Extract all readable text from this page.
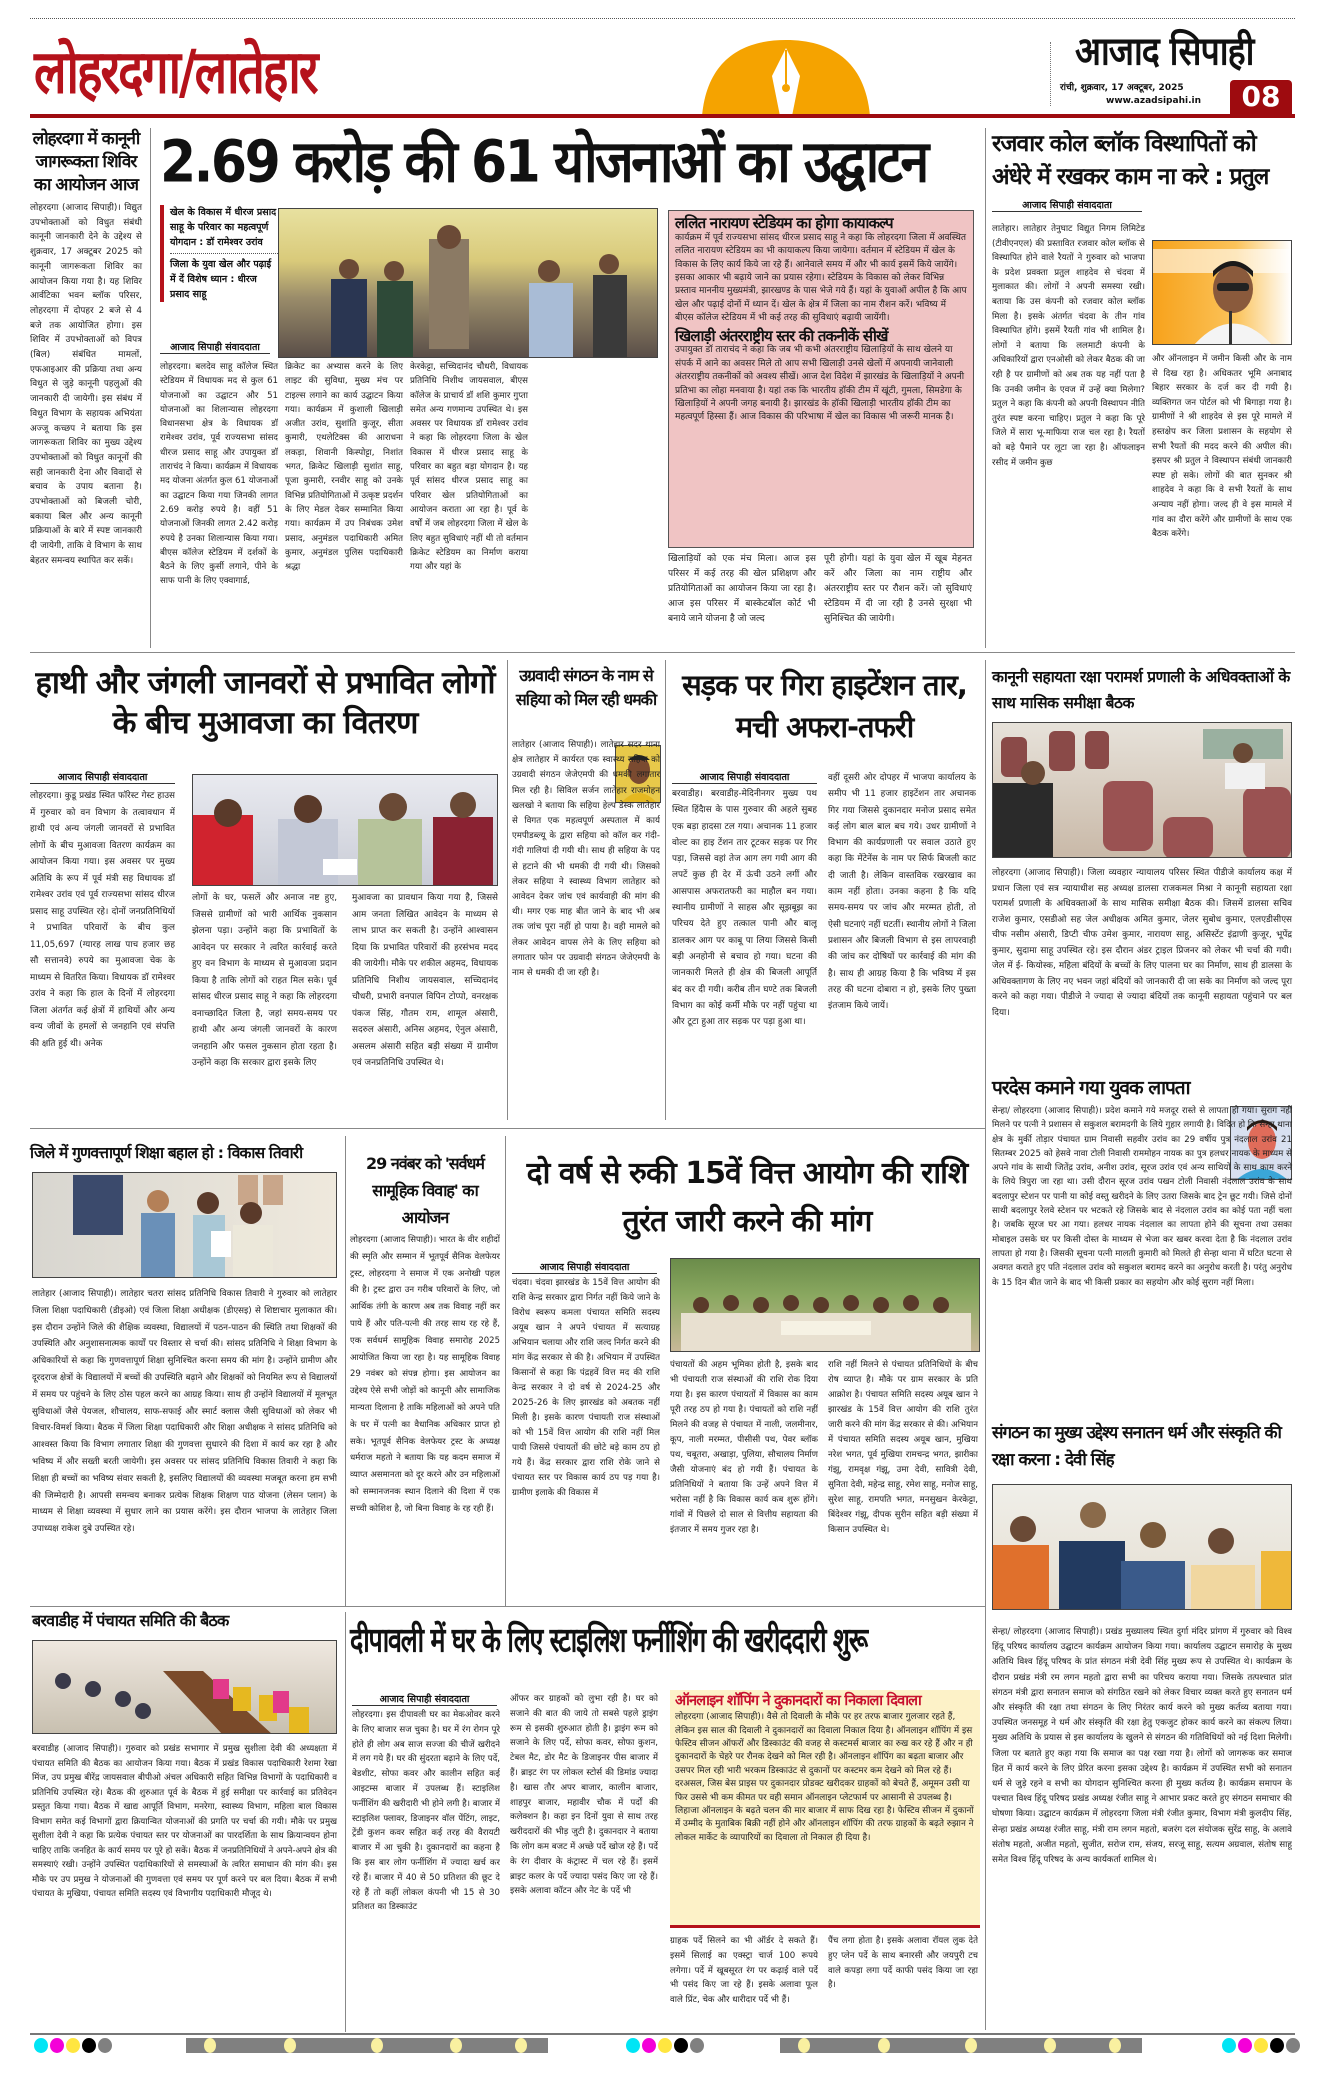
लोहरदगा/लातेहार	आजाद सिपाही
रांची, शुक्रवार, 17 अक्टूबर, 2025
www.azadsipahi.in	08
लोहरदगा में कानूनी जागरूकता शिविर का आयोजन आज
लोहरदगा (आजाद सिपाही)। विद्युत उपभोक्ताओं को विधुत संबंधी कानूनी जानकारी देने के उद्देश्य से शुक्रवार, 17 अक्टूबर 2025 को कानूनी जागरूकता शिविर का आयोजन किया गया है। यह शिविर आर्वटिका भवन ब्लॉक परिसर, लोहरदगा में दोपहर 2 बजे से 4 बजे तक आयोजित होगा। इस शिविर में उपभोक्ताओं को विपत्र (बिल) संबंधित मामलों, एफआइआर की प्रक्रिया तथा अन्य विधुत से जुड़े कानूनी पहलुओं की जानकारी दी जायेगी। इस संबंध में विधुत विभाग के सहायक अभियंता अज्जू कच्छप ने बताया कि इस जागरूकता शिविर का मुख्य उद्देश्य उपभोक्ताओं को विधुत कानूनों की सही जानकारी देना और विवादों से बचाव के उपाय बताना है। उपभोक्ताओं को बिजली चोरी, बकाया बिल और अन्य कानूनी प्रक्रियाओं के बारे में स्पष्ट जानकारी दी जायेगी, ताकि वे विभाग के साथ बेहतर समन्वय स्थापित कर सकें।
2.69 करोड़ की 61 योजनाओं का उद्घाटन
खेल के विकास में धीरज प्रसाद साहू के परिवार का महत्वपूर्ण योगदान : डॉ रामेश्वर उरांव
जिला के युवा खेल और पढ़ाई में दें विशेष ध्यान : धीरज प्रसाद साहू
आजाद सिपाही संवाददाता
लोहरदगा। बलदेव साहू कॉलेज स्थित स्टेडियम में विधायक मद से कुल 61 योजनाओं का उद्घाटन और 51 योजनाओं का शिलान्यास लोहरदगा विधानसभा क्षेत्र के विधायक डॉ रामेश्वर उरांव, पूर्व राज्यसभा सांसद धीरज प्रसाद साहू और उपायुक्त डॉ ताराचंद ने किया। कार्यक्रम में विधायक मद योजना अंतर्गत कुल 61 योजनाओं का उद्घाटन किया गया जिनकी लागत 2.69 करोड़ रुपये है। वहीं 51 योजनाओं जिनकी लागत 2.42 करोड़ रुपये है उनका शिलान्यास किया गया। बीएस कॉलेज स्टेडियम में दर्शकों के बैठने के लिए कुर्सी लगाने, पीने के साफ पानी के लिए एक्वागार्ड,
क्रिकेट का अभ्यास करने के लिए लाइट की सुविधा, मुख्य मंच पर टाइल्स लगाने का कार्य उद्घाटन किया गया। कार्यक्रम में कुशाली खिलाड़ी अजीत उरांव, सुशांति कुजूर, सीता कुमारी, एथलेटिक्स की आराधना लकड़ा, शिवानी किस्पोट्टा, निशांत भगत, क्रिकेट खिलाड़ी सुशांत साहू, पूजा कुमारी, रनवीर साहू को उनके विभिन्न प्रतियोगिताओं में उत्कृष्ट प्रदर्शन के लिए मेडल देकर सम्मानित किया गया। कार्यक्रम में उप निबंधक उमेश प्रसाद, अनुमंडल पदाधिकारी अमित कुमार, अनुमंडल पुलिस पदाधिकारी श्रद्धा
केरकेट्टा, सच्चिदानंद चौधरी, विधायक प्रतिनिधि निशीथ जायसवाल, बीएस कॉलेज के प्राचार्य डॉ शशि कुमार गुप्ता समेत अन्य गणमान्य उपस्थित थे। इस अवसर पर विधायक डॉ रामेश्वर उरांव ने कहा कि लोहरदगा जिला के खेल विकास में धीरज प्रसाद साहू के परिवार का बहुत बड़ा योगदान है। यह पूर्व सांसद धीरज प्रसाद साहू का परिवार खेल प्रतियोगिताओं का आयोजन कराता आ रहा है। पूर्व के वर्षों में जब लोहरदगा जिला में खेल के लिए बहुत सुविधाएं नहीं थी तो वर्तमान क्रिकेट स्टेडियम का निर्माण कराया गया और यहां के
खिलाड़ियों को एक मंच मिला। आज इस परिसर में कई तरह की खेल प्रशिक्षण और प्रतियोगिताओं का आयोजन किया जा रहा है। आज इस परिसर में बास्केटबॉल कोर्ट भी बनाये जाने योजना है जो जल्द
पूरी होगी। यहां के युवा खेल में खूब मेहनत करें और जिला का नाम राष्ट्रीय और अंतरराष्ट्रीय स्तर पर रौशन करें। जो सुविधाएं स्टेडियम में दी जा रही है उनसे सुरक्षा भी सुनिश्चित की जायेगी।
ललित नारायण स्टेडियम का होगा कायाकल्प
कार्यक्रम में पूर्व राज्यसभा सांसद धीरज प्रसाद साहू ने कहा कि लोहरदगा जिला में अवस्थित ललित नारायण स्टेडियम का भी कायाकल्प किया जायेगा। वर्तमान में स्टेडियम में खेल के विकास के लिए कार्य किये जा रहे हैं। आनेवाले समय में और भी कार्य इसमें किये जायेंगे। इसका आकार भी बढ़ाये जाने का प्रयास रहेगा। स्टेडियम के विकास को लेकर विभिन्न प्रस्ताव माननीय मुख्यमंत्री, झारखण्ड के पास भेजे गये हैं। यहां के युवाओं अपील है कि आप खेल और पढ़ाई दोनों में ध्यान दें। खेल के क्षेत्र में जिला का नाम रौशन करें। भविष्य में बीएस कॉलेज स्टेडियम में भी कई तरह की सुविधाएं बढ़ायी जायेंगी।
खिलाड़ी अंतरराष्ट्रीय स्तर की तकनीकें सीखें
उपायुक्त डॉ ताराचंद ने कहा कि जब भी कभी अंतरराष्ट्रीय खिलाड़ियों के साथ खेलने या संपर्क में आने का अवसर मिले तो आप सभी खिलाड़ी उनसे खेलों में अपनायी जानेवाली अंतरराष्ट्रीय तकनीकों को अवश्य सीखें। आज देश विदेश में झारखंड के खिलाड़ियों ने अपनी प्रतिभा का लोहा मनवाया है। यहां तक कि भारतीय हॉकी टीम में खूंटी, गुमला, सिमडेगा के खिलाड़ियों ने अपनी जगह बनायी है। झारखंड के हॉकी खिलाड़ी भारतीय हॉकी टीम का महत्वपूर्ण हिस्सा हैं। आज विकास की परिभाषा में खेल का विकास भी जरूरी मानक है।
रजवार कोल ब्लॉक विस्थापितों को अंधेरे में रखकर काम ना करे : प्रतुल
आजाद सिपाही संवाददाता
लातेहार। लातेहार तेनुघाट विद्युत निगम लिमिटेड (टीवीएनएल) की प्रस्तावित रजवार कोल ब्लॉक से विस्थापित होने वाले रैयतों ने गुरुवार को भाजपा के प्रदेश प्रवक्ता प्रतुल शाहदेव से चंदवा में मुलाकात की। लोगों ने अपनी समस्या रखी। बताया कि उस कंपनी को रजवार कोल ब्लॉक मिला है। इसके अंतर्गत चंदवा के तीन गांव विस्थापित होंगे। इसमें रैयती गांव भी शामिल है। लोगों ने बताया कि ललमाटी कंपनी के अधिकारियों द्वारा एनओसी को लेकर बैठक की जा रही है पर ग्रामीणों को अब तक यह नहीं पता है कि उनकी जमीन के एवज में उन्हें क्या मिलेगा? प्रतुल ने कहा कि कंपनी को अपनी विस्थापन नीति तुरंत स्पष्ट करना चाहिए। प्रतुल ने कहा कि पूरे जिले में सारा भू-माफिया राज चल रहा है। रैयतों को बड़े पैमाने पर लूटा जा रहा है। ऑफलाइन रसीद में जमीन कुछ
और ऑनलाइन में जमीन किसी और के नाम से दिख रहा है। अधिकतर भूमि अनाबाद बिहार सरकार के दर्ज कर दी गयी है। व्यक्तिगत जन पोर्टल को भी बिगाड़ा गया है। ग्रामीणों ने श्री शाहदेव से इस पूरे मामले में हस्तक्षेप कर जिला प्रशासन के सहयोग से सभी रैयतों की मदद करने की अपील की। इसपर श्री प्रतुल ने विस्थापन संबंधी जानकारी स्पष्ट हो सके। लोगों की बात सुनकर श्री शाहदेव ने कहा कि वे सभी रैयतों के साथ अन्याय नहीं होगा। जल्द ही वे इस मामले में गांव का दौरा करेंगे और ग्रामीणों के साथ एक बैठक करेंगे।
हाथी और जंगली जानवरों से प्रभावित लोगों के बीच मुआवजा का वितरण
आजाद सिपाही संवाददाता
लोहरदगा। कुडू प्रखंड स्थित फॉरेस्ट गेस्ट हाउस में गुरुवार को वन विभाग के तत्वावधान में हाथी एवं अन्य जंगली जानवरों से प्रभावित लोगों के बीच मुआवजा वितरण कार्यक्रम का आयोजन किया गया। इस अवसर पर मुख्य अतिथि के रूप में पूर्व मंत्री सह विधायक डॉ रामेश्वर उरांव एवं पूर्व राज्यसभा सांसद धीरज प्रसाद साहू उपस्थित रहे। दोनों जनप्रतिनिधियों ने प्रभावित परिवारों के बीच कुल 11,05,697 (ग्यारह लाख पाच हजार छह सौ सत्तानवे) रुपये का मुआवजा चेक के माध्यम से वितरित किया। विधायक डॉ रामेश्वर उरांव ने कहा कि हाल के दिनों में लोहरदगा जिला अंतर्गत कई क्षेत्रों में हाथियों और अन्य वन्य जीवों के हमलों से जनहानि एवं संपत्ति की क्षति हुई थी। अनेक
लोगों के घर, फसलें और अनाज नष्ट हुए, जिससे ग्रामीणों को भारी आर्थिक नुकसान झेलना पड़ा। उन्होंने कहा कि प्रभावितों के आवेदन पर सरकार ने त्वरित कार्रवाई करते हुए वन विभाग के माध्यम से मुआवजा प्रदान किया है ताकि लोगों को राहत मिल सके। पूर्व सांसद धीरज प्रसाद साहू ने कहा कि लोहरदगा वनाच्छादित जिला है, जहां समय-समय पर हाथी और अन्य जंगली जानवरों के कारण जनहानि और फसल नुकसान होता रहता है। उन्होंने कहा कि सरकार द्वारा इसके लिए
मुआवजा का प्रावधान किया गया है, जिससे आम जनता लिखित आवेदन के माध्यम से लाभ प्राप्त कर सकती है। उन्होंने आश्वासन दिया कि प्रभावित परिवारों की हरसंभव मदद की जायेगी। मौके पर शकील अहमद, विधायक प्रतिनिधि निशीथ जायसवाल, सच्चिदानंद चौधरी, प्रभारी वनपाल विपिन टोप्पो, वनरक्षक पंकज सिंह, गौतम राम, शामूल अंसारी, सदरुल अंसारी, अनिस अहमद, ऐनुल अंसारी, असलम अंसारी सहित बड़ी संख्या में ग्रामीण एवं जनप्रतिनिधि उपस्थित थे।
उग्रवादी संगठन के नाम से सहिया को मिल रही धमकी
लातेहार (आजाद सिपाही)। लातेहार सदर थाना क्षेत्र लातेहार में कार्यरत एक स्वास्थ्य सहिया को उग्रवादी संगठन जेजेएमपी की धमकी लगातार मिल रही है। सिविल सर्जन लातेहार राजमोहन खलखो ने बताया कि सहिया हेल्प डेस्क लातेहार से विगत एक महत्वपूर्ण अस्पताल में कार्य एमपीडब्ल्यू के द्वारा सहिया को कॉल कर गंदी-गंदी गालियां दी गयी थी। साथ ही सहिया के पद से हटाने की भी धमकी दी गयी थी। जिसको लेकर सहिया ने स्वास्थ्य विभाग लातेहार को आवेदन देकर जांच एवं कार्यवाही की मांग की थी। मगर एक माह बीत जाने के बाद भी अब तक जांच पूरा नहीं हो पाया है। वही मामले को लेकर आवेदन वापस लेने के लिए सहिया को लगातार फोन पर उग्रवादी संगठन जेजेएमपी के नाम से धमकी दी जा रही है।
सड़क पर गिरा हाइटेंशन तार, मची अफरा-तफरी
आजाद सिपाही संवाददाता
बरवाडीह। बरवाडीह-मेदिनीनगर मुख्य पथ स्थित हिंदैास के पास गुरुवार की अहले सुबह एक बड़ा हादसा टल गया। अचानक 11 हजार वोल्ट का हाइ टेंशन तार टूटकर सड़क पर गिर पड़ा, जिससे वहां तेज आग लग गयी आग की लपटें कुछ ही देर में ऊंची उठने लगीं और आसपास अफरातफरी का माहौल बन गया। स्थानीय ग्रामीणों ने साहस और सूझबूझ का परिचय देते हुए तत्काल पानी और बालू डालकर आग पर काबू पा लिया जिससे किसी बड़ी अनहोनी से बचाव हो गया। घटना की जानकारी मिलते ही क्षेत्र की बिजली आपूर्ति बंद कर दी गयी। करीब तीन घण्टे तक बिजली विभाग का कोई कर्मी मौके पर नहीं पहुंचा था और टूटा हुआ तार सड़क पर पड़ा हुआ था।
वहीं दूसरी ओर दोपहर में भाजपा कार्यालय के समीप भी 11 हजार हाइटेंशन तार अचानक गिर गया जिससे दुकानदार मनोज प्रसाद समेत कई लोग बाल बाल बच गये। उधर ग्रामीणों ने विभाग की कार्यप्रणाली पर सवाल उठाते हुए कहा कि मेंटेनेंस के नाम पर सिर्फ बिजली काट दी जाती है। लेकिन वास्तविक रखरखाव का काम नहीं होता। उनका कहना है कि यदि समय-समय पर जांच और मरम्मत होती, तो ऐसी घटनाएं नहीं घटतीं। स्थानीय लोगों ने जिला प्रशासन और बिजली विभाग से इस लापरवाही की जांच कर दोषियों पर कार्रवाई की मांग की है। साथ ही आग्रह किया है कि भविष्य में इस तरह की घटना दोबारा न हो, इसके लिए पुख्ता इंतजाम किये जायें।
कानूनी सहायता रक्षा परामर्श प्रणाली के अधिवक्ताओं के साथ मासिक समीक्षा बैठक
लोहरदगा (आजाद सिपाही)। जिला व्यवहार न्यायालय परिसर स्थित पीडीजे कार्यालय कक्ष में प्रधान जिला एवं सत्र न्यायाधीश सह अध्यक्ष डालसा राजकमल मिश्रा ने कानूनी सहायता रक्षा परामर्श प्रणाली के अधिवक्ताओं के साथ मासिक समीक्षा बैठक की। जिसमें डालसा सचिव राजेश कुमार, एसडीओ सह जेल अधीक्षक अमित कुमार, जेलर सुबोध कुमार, एलएडीसीएस चीफ नसीम अंसारी, डिप्टी चीफ उमेश कुमार, नारायण साहू, असिस्टेंट इंद्राणी कुजूर, भूपेंद्र कुमार, सुदामा साहू उपस्थित रहे। इस दौरान अंडर ट्राइल प्रिजनर को लेकर भी चर्चा की गयी। जेल में ई- कियोस्क, महिला बंदियों के बच्चों के लिए पालना घर का निर्माण, साथ ही डालसा के अधिवक्तागण के लिए नए भवन जहां बंदियों को जानकारी दी जा सके का निर्माण को जल्द पूरा करने को कहा गया। पीडीजे ने ज्यादा से ज्यादा बंदियों तक कानूनी सहायता पहुंचाने पर बल दिया।
परदेस कमाने गया युवक लापता
सेन्हा/ लोहरदगा (आजाद सिपाही)। प्रदेश कमाने गये मजदूर रास्ते से लापता हो गया। सुराग नहीं मिलने पर पत्नी ने प्रशासन से सकुशल बरामदगी के लिये गुहार लगायी है। विदित हो कि सेन्हा थाना क्षेत्र के मुर्की तोड़ार पंचायत ग्राम निवासी सहवीर उरांव का 29 वर्षीय पुत्र नंदलाल उरांव 21 सितम्बर 2025 को हेसवे नावा टोली निवासी राममोहन नायक का पुत्र हलधर नायक के माध्यम से अपने गांव के साथी जितेंद्र उरांव, अनीश उरांव, सूरज उरांव एवं अन्य साथियों के साथ काम करने के लिये त्रिपुरा जा रहा था। उसी दौरान सूरज उरांव पखन टोली निवासी नंदलाल उरांव के साथ बदलापुर स्टेशन पर पानी या कोई वस्तु खरीदने के लिए उतरा जिसके बाद ट्रेन छूट गयी। जिसे दोनों साथी बदलापुर रेलवे स्टेशन पर भटकते रहे जिसके बाद से नंदलाल उरांव का कोई पता नहीं चला है। जबकि सूरज घर आ गया। हलधर नायक नंदलाल का लापता होने की सूचना तथा उसका मोबाइल उसके घर पर किसी दोस्त के माध्यम से भेजा कर खबर करवा देता है कि नंदलाल उरांव लापता हो गया है। जिसकी सूचना पत्नी मालती कुमारी को मिलते ही सेन्हा थाना में घटित घटना से अवगत कराते हुए पति नंदलाल उरांव को सकुशल बरामद करने का अनुरोध करती है। परंतु अनुरोध के 15 दिन बीत जाने के बाद भी किसी प्रकार का सहयोग और कोई सुराग नहीं मिला।
जिले में गुणवत्तापूर्ण शिक्षा बहाल हो : विकास तिवारी
लातेहार (आजाद सिपाही)। लातेहार चतरा सांसद प्रतिनिधि विकास तिवारी ने गुरुवार को लातेहार जिला शिक्षा पदाधिकारी (डीइओ) एवं जिला शिक्षा अधीक्षक (डीएसइ) से शिष्टाचार मुलाकात की। इस दौरान उन्होंने जिले की शैक्षिक व्यवस्था, विद्यालयों में पठन-पाठन की स्थिति तथा शिक्षकों की उपस्थिति और अनुशासनात्मक कार्यों पर विस्तार से चर्चा की। सांसद प्रतिनिधि ने शिक्षा विभाग के अधिकारियों से कहा कि गुणवत्तापूर्ण शिक्षा सुनिश्चित करना समय की मांग है। उन्होंने ग्रामीण और दूरदराज क्षेत्रों के विद्यालयों में बच्चों की उपस्थिति बढ़ाने और शिक्षकों को नियमित रूप से विद्यालयों में समय पर पहुंचने के लिए ठोस पहल करने का आग्रह किया। साथ ही उन्होंने विद्यालयों में मूलभूत सुविधाओं जैसे पेयजल, शौचालय, साफ-सफाई और स्मार्ट क्लास जैसी सुविधाओं को लेकर भी विचार-विमर्श किया। बैठक में जिला शिक्षा पदाधिकारी और शिक्षा अधीक्षक ने सांसद प्रतिनिधि को आश्वस्त किया कि विभाग लगातार शिक्षा की गुणवत्ता सुधारने की दिशा में कार्य कर रहा है और भविष्य में और सख्ती बरती जायेगी। इस अवसर पर सांसद प्रतिनिधि विकास तिवारी ने कहा कि शिक्षा ही बच्चों का भविष्य संवार सकती है, इसलिए विद्यालयों की व्यवस्था मजबूत करना हम सभी की जिम्मेदारी है। आपसी समन्वय बनाकर प्रत्येक शिक्षक शिक्षण पाठ योजना (लेसन प्लान) के माध्यम से शिक्षा व्यवस्था में सुधार लाने का प्रयास करेंगे। इस दौरान भाजपा के लातेहार जिला उपाध्यक्ष राकेश दुबे उपस्थित रहे।
29 नवंबर को 'सर्वधर्म सामूहिक विवाह' का आयोजन
लोहरदगा (आजाद सिपाही)। भारत के वीर शहीदों की स्मृति और सम्मान में भूतपूर्व सैनिक वेलफेयर ट्रस्ट, लोहरदगा ने समाज में एक अनोखी पहल की है। ट्रस्ट द्वारा उन गरीब परिवारों के लिए, जो आर्थिक तंगी के कारण अब तक विवाह नहीं कर पाये हैं और पति-पत्नी की तरह साथ रह रहे हैं, एक सर्वधर्म सामूहिक विवाह समारोह 2025 आयोजित किया जा रहा है। यह सामूहिक विवाह 29 नवंबर को संपन्न होगा। इस आयोजन का उद्देश्य ऐसे सभी जोड़ों को कानूनी और सामाजिक मान्यता दिलाना है ताकि महिलाओं को अपने पति के घर में पत्नी का वैधानिक अधिकार प्राप्त हो सके। भूतपूर्व सैनिक वेलफेयर ट्रस्ट के अध्यक्ष धर्मराज महतो ने बताया कि यह कदम समाज में व्याप्त असमानता को दूर करने और उन महिलाओं को सम्मानजनक स्थान दिलाने की दिशा में एक सच्ची कोशिश है, जो बिना विवाह के रह रही हैं।
दो वर्ष से रुकी 15वें वित्त आयोग की राशि तुरंत जारी करने की मांग
आजाद सिपाही संवाददाता
चंदवा। चंदवा झारखंड के 15वें वित्त आयोग की राशि केन्द्र सरकार द्वारा निर्गत नहीं किये जाने के विरोध स्वरूप कमला पंचायत समिति सदस्य अयूब खान ने अपने पंचायत में सत्याग्रह अभियान चलाया और राशि जल्द निर्गत करने की मांग केंद्र सरकार से की है। अभियान में उपस्थित किसानों से कहा कि पंद्रहवें वित्त मद की राशि केन्द्र सरकार ने दो वर्ष से 2024-25 और 2025-26 के लिए झारखंड को अबतक नहीं मिली है। इसके कारण पंचायती राज संस्थाओं को भी 15वें वित्त आयोग की राशि नहीं मिल पायी जिससे पंचायतों की छोटे बड़े काम ठप हो गये हैं। केंद्र सरकार द्वारा राशि रोके जाने से पंचायत स्तर पर विकास कार्य ठप पड़ गया है। ग्रामीण इलाके की विकास में
पंचायतों की अहम भूमिका होती है, इसके बाद भी पंचायती राज संस्थाओं की राशि रोक दिया गया है। इस कारण पंचायतों में विकास का काम पूरी तरह ठप हो गया है। पंचायतों को राशि नहीं मिलने की वजह से पंचायत में नाली, जलमीनार, कूप, नाली मरम्मत, पीसीसी पथ, पेवर ब्लॉक पथ, चबूतरा, अखाड़ा, पुलिया, सौचालय निर्माण जैसी योजनाएं बंद हो गयी हैं। पंचायत के प्रतिनिधियों ने बताया कि उन्हें अपने वित्त में भरोसा नहीं है कि विकास कार्य कब शुरू होंगे। गांवों में पिछले दो साल से वित्तीय सहायता की इंतजार में समय गुजर रहा है।
राशि नहीं मिलने से पंचायत प्रतिनिधियों के बीच रोष व्याप्त है। मौके पर ग्राम सरकार के प्रति आक्रोश है। पंचायत समिति सदस्य अयूब खान ने झारखंड के 15वें वित्त आयोग की राशि तुरंत जारी करने की मांग केंद्र सरकार से की। अभियान में पंचायत समिति सदस्य अयूब खान, मुखिया नरेश भगत, पूर्व मुखिया रामचन्द्र भगत, झारीका गंझू, रामवृक्ष गंझू, उमा देवी, सावित्री देवी, सुनिता देवी, महेन्द्र साहू, रमेश साहू, मनोज साहू, सुरेश साहू, रामपति भगत, मनसुखन केरकेट्टा, बिंदेश्वर गंझू, दीपक सुरीन सहित बड़ी संख्या में किसान उपस्थित थे।
संगठन का मुख्य उद्देश्य सनातन धर्म और संस्कृति की रक्षा करना : देवी सिंह
सेन्हा/ लोहरदगा (आजाद सिपाही)। प्रखंड मुख्यालय स्थित दुर्गा मंदिर प्रांगण में गुरुवार को विश्व हिंदू परिषद कार्यालय उद्घाटन कार्यक्रम आयोजन किया गया। कार्यालय उद्घाटन समारोह के मुख्य अतिथि विश्व हिंदू परिषद के प्रांत संगठन मंत्री देवी सिंह मुख्य रूप से उपस्थित थे। कार्यक्रम के दौरान प्रखंड मंत्री रम लगन महतो द्वारा सभी का परिचय कराया गया। जिसके तत्पश्चात प्रांत संगठन मंत्री द्वारा सनातन समाज को संगठित रखने को लेकर विचार व्यक्त करते हुए सनातन धर्म और संस्कृति की रक्षा तथा संगठन के लिए निरंतर कार्य करने को मुख्य कर्तव्य बताया गया। उपस्थित जनसमूह ने धर्म और संस्कृति की रक्षा हेतु एकजुट होकर कार्य करने का संकल्प लिया। मुख्य अतिथि के प्रयास से इस कार्यालय के खुलने से संगठन की गतिविधियों को नई दिशा मिलेगी। जिला पर बताते हुए कहा गया कि समाज का पक्ष रखा गया है। लोगों को जागरूक कर समाज हित में कार्य करने के लिए प्रेरित करना इसका उद्देश्य है। कार्यक्रम में उपस्थित सभी को सनातन धर्म से जुड़े रहने व सभी का योगदान सुनिश्चित करना ही मुख्य कर्तव्य है। कार्यक्रम समापन के पश्चात विश्व हिंदू परिषद प्रखंड अध्यक्ष रंजीत साहू ने आभार प्रकट करते हुए संगठन समाचार की घोषणा किया। उद्घाटन कार्यक्रम में लोहरदगा जिला मंत्री रंजीत कुमार, विभाग मंत्री कुलदीप सिंह, सेन्हा प्रखंड अध्यक्ष रंजीत साहू, मंत्री राम लगन महतो, बजरंग दल संयोजक सुरेंद्र साहू, के अलावे संतोष महतो, अजीत महतो, सुजीत, सरोज राम, संजय, सरजू साहू, सत्यम अग्रवाल, संतोष साहू समेत विश्व हिंदू परिषद के अन्य कार्यकर्ता शामिल थे।
बरवाडीह में पंचायत समिति की बैठक
बरवाडीह (आजाद सिपाही)। गुरुवार को प्रखंड सभागार में प्रमुख सुशीला देवी की अध्यक्षता में पंचायत समिति की बैठक का आयोजन किया गया। बैठक में प्रखंड विकास पदाधिकारी रेशमा रेखा मिंज, उप प्रमुख बीरेंद्र जायसवाल बीपीओ अंचल अधिकारी सहित विभिन्न विभागों के पदाधिकारी व प्रतिनिधि उपस्थित रहे। बैठक की शुरुआत पूर्व के बैठक में हुई समीक्षा पर कार्रवाई का प्रतिवेदन प्रस्तुत किया गया। बैठक में खाद्य आपूर्ति विभाग, मनरेगा, स्वास्थ्य विभाग, महिला बाल विकास विभाग समेत कई विभागों द्वारा क्रियान्वित योजनाओं की प्रगति पर चर्चा की गयी। मौके पर प्रमुख सुशीला देवी ने कहा कि प्रत्येक पंचायत स्तर पर योजनाओं का पारदर्शिता के साथ क्रियान्वयन होना चाहिए ताकि जनहित के कार्य समय पर पूरे हो सकें। बैठक में जनप्रतिनिधियों ने अपने-अपने क्षेत्र की समस्याएं रखी। उन्होंने उपस्थित पदाधिकारियों से समस्याओं के त्वरित समाधान की मांग की। इस मौके पर उप प्रमुख ने योजनाओं की गुणवत्ता एवं समय पर पूर्ण करने पर बल दिया। बैठक में सभी पंचायत के मुखिया, पंचायत समिति सदस्य एवं विभागीय पदाधिकारी मौजूद थे।
दीपावली में घर के लिए स्टाइलिश फर्नीशिंग की खरीददारी शुरू
आजाद सिपाही संवाददाता
लोहरदगा। इस दीपावली घर का मेकओवर करने के लिए बाजार सज चुका है। घर में रंग रोगन पूरे होते ही लोग अब साज सज्जा की चीजें खरीदने में लग गये हैं। घर की सुंदरता बढ़ाने के लिए पर्दे, बेडशीट, सोफा कवर और कालीन सहित कई आइटम्स बाजार में उपलब्ध हैं। स्टाइलिश फर्नीशिंग की खरीदारी भी होने लगी है। बाजार में स्टाइलिश फ्लावर, डिजाइनर वॉल पेंटिंग, लाइट, ट्रेंडी कुशन कवर सहित कई तरह की वैरायटी बाजार में आ चुकी है। दुकानदारों का कहना है कि इस बार लोग फर्नीशिंग में ज्यादा खर्च कर रहे हैं। बाजार में 40 से 50 प्रतिशत की छूट दे रहे हैं तो कहीं लोकल कंपनी भी 15 से 30 प्रतिशत का डिस्काउंट
ऑफर कर ग्राहकों को लुभा रही है। घर को सजाने की बात की जाये तो सबसे पहले ड्राइंग रूम से इसकी शुरुआत होती है। ड्राइंग रूम को सजाने के लिए पर्दे, सोफा कवर, सोफा कुशन, टेबल मैट, डोर मैट के डिजाइनर पीस बाजार में हैं। ब्राइट रंग पर लोकल स्टोर्स की डिमांड ज्यादा है। खास तौर अपर बाजार, कालीन बाजार, शाहपुर बाजार, महावीर चौक में पर्दों की कलेक्शन है। कहा इन दिनों युवा से साथ तरह खरीददारों की भीड़ जुटी है। दुकानदार ने बताया कि लोग कम बजट में अच्छे पर्दे खोज रहे हैं। पर्दे के रंग दीवार के कंट्रास्ट में चल रहे हैं। इसमें ब्राइट कलर के पर्दे ज्यादा पसंद किए जा रहे हैं। इसके अलावा कॉटन और नेट के पर्दे भी
ऑनलाइन शॉपिंग ने दुकानदारों का निकाला दिवाला
लोहरदगा (आजाद सिपाही)। वैसे तो दिवाली के मौके पर हर तरफ बाजार गुलजार रहते हैं, लेकिन इस साल की दिवाली ने दुकानदारों का दिवाला निकाल दिया है। ऑनलाइन शॉपिंग में इस फेस्टिव सीजन ऑफरों और डिस्काउंट की वजह से कस्टमर्स बाजार का रुख कर रहे हैं और न ही दुकानदारों के चेहरे पर रौनक देखने को मिल रही है। ऑनलाइन शॉपिंग का बढ़ता बाजार और उसपर मिल रही भारी भरकम डिस्काउंट से दुकानों पर कस्टमर कम देखने को मिल रहे हैं। दरअसल, जिस बेस प्राइस पर दुकानदार प्रोडक्ट खरीदकर ग्राहकों को बेचते हैं, अमूमन उसी या फिर उससे भी कम कीमत पर वही समान ऑनलाइन प्लेटफार्म पर आसानी से उपलब्ध है। लिहाजा ऑनलाइन के बढ़ते चलन की मार बाजार में साफ दिख रहा है। फेस्टिव सीजन में दुकानों में उम्मीद के मुताबिक बिक्री नहीं होने और ऑनलाइन शॉपिंग की तरफ ग्राहकों के बढ़ते रुझान ने लोकल मार्केट के व्यापारियों का दिवाला तो निकाल ही दिया है।
ग्राहक पर्दे सिलने का भी ऑर्डर दे सकते हैं। इसमें सिलाई का एक्स्ट्रा चार्ज 100 रूपये लगेगा। पर्दे में खूबसूरत रंग पर कढ़ाई वाले पर्दे भी पसंद किए जा रहे हैं। इसके अलावा फूल वाले प्रिंट, चेक और धारीदार पर्दे भी हैं।
पैंच लगा होता है। इसके अलावा रॉयल लुक देते हुए प्लेन पर्दे के साथ बनारसी और जयपुरी टच वाले कपड़ा लगा पर्दे काफी पसंद किया जा रहा है।
